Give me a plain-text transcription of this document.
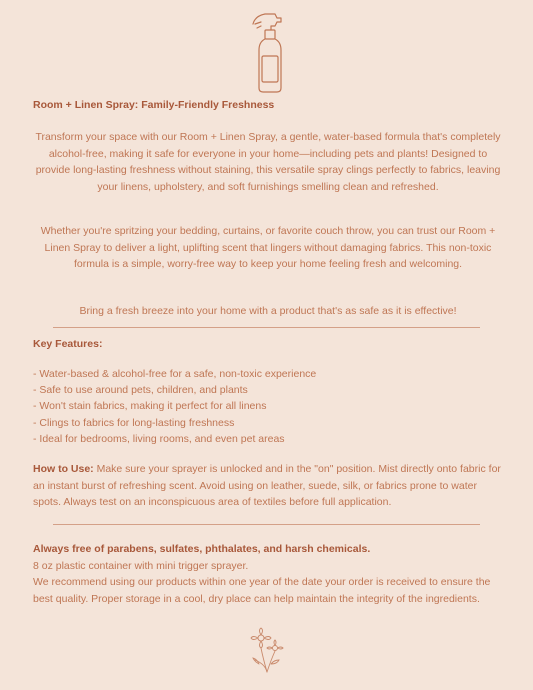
Room + Linen Spray: Family-Friendly Freshness

Transform your space with our Room + Linen Spray, a gentle, water-based formula that's completely alcohol-free, making it safe for everyone in your home—including pets and plants! Designed to provide long-lasting freshness without staining, this versatile spray clings perfectly to fabrics, leaving your linens, upholstery, and soft furnishings smelling clean and refreshed.

Whether you're spritzing your bedding, curtains, or favorite couch throw, you can trust our Room + Linen Spray to deliver a light, uplifting scent that lingers without damaging fabrics. This non-toxic formula is a simple, worry-free way to keep your home feeling fresh and welcoming.

Bring a fresh breeze into your home with a product that's as safe as it is effective!

Key Features:

- Water-based & alcohol-free for a safe, non-toxic experience
- Safe to use around pets, children, and plants
- Won't stain fabrics, making it perfect for all linens
- Clings to fabrics for long-lasting freshness
- Ideal for bedrooms, living rooms, and even pet areas

How to Use: Make sure your sprayer is unlocked and in the "on" position. Mist directly onto fabric for an instant burst of refreshing scent. Avoid using on leather, suede, silk, or fabrics prone to water spots. Always test on an inconspicuous area of textiles before full application.

Always free of parabens, sulfates, phthalates, and harsh chemicals.
8 oz plastic container with mini trigger sprayer.
We recommend using our products within one year of the date your order is received to ensure the best quality. Proper storage in a cool, dry place can help maintain the integrity of the ingredients.
